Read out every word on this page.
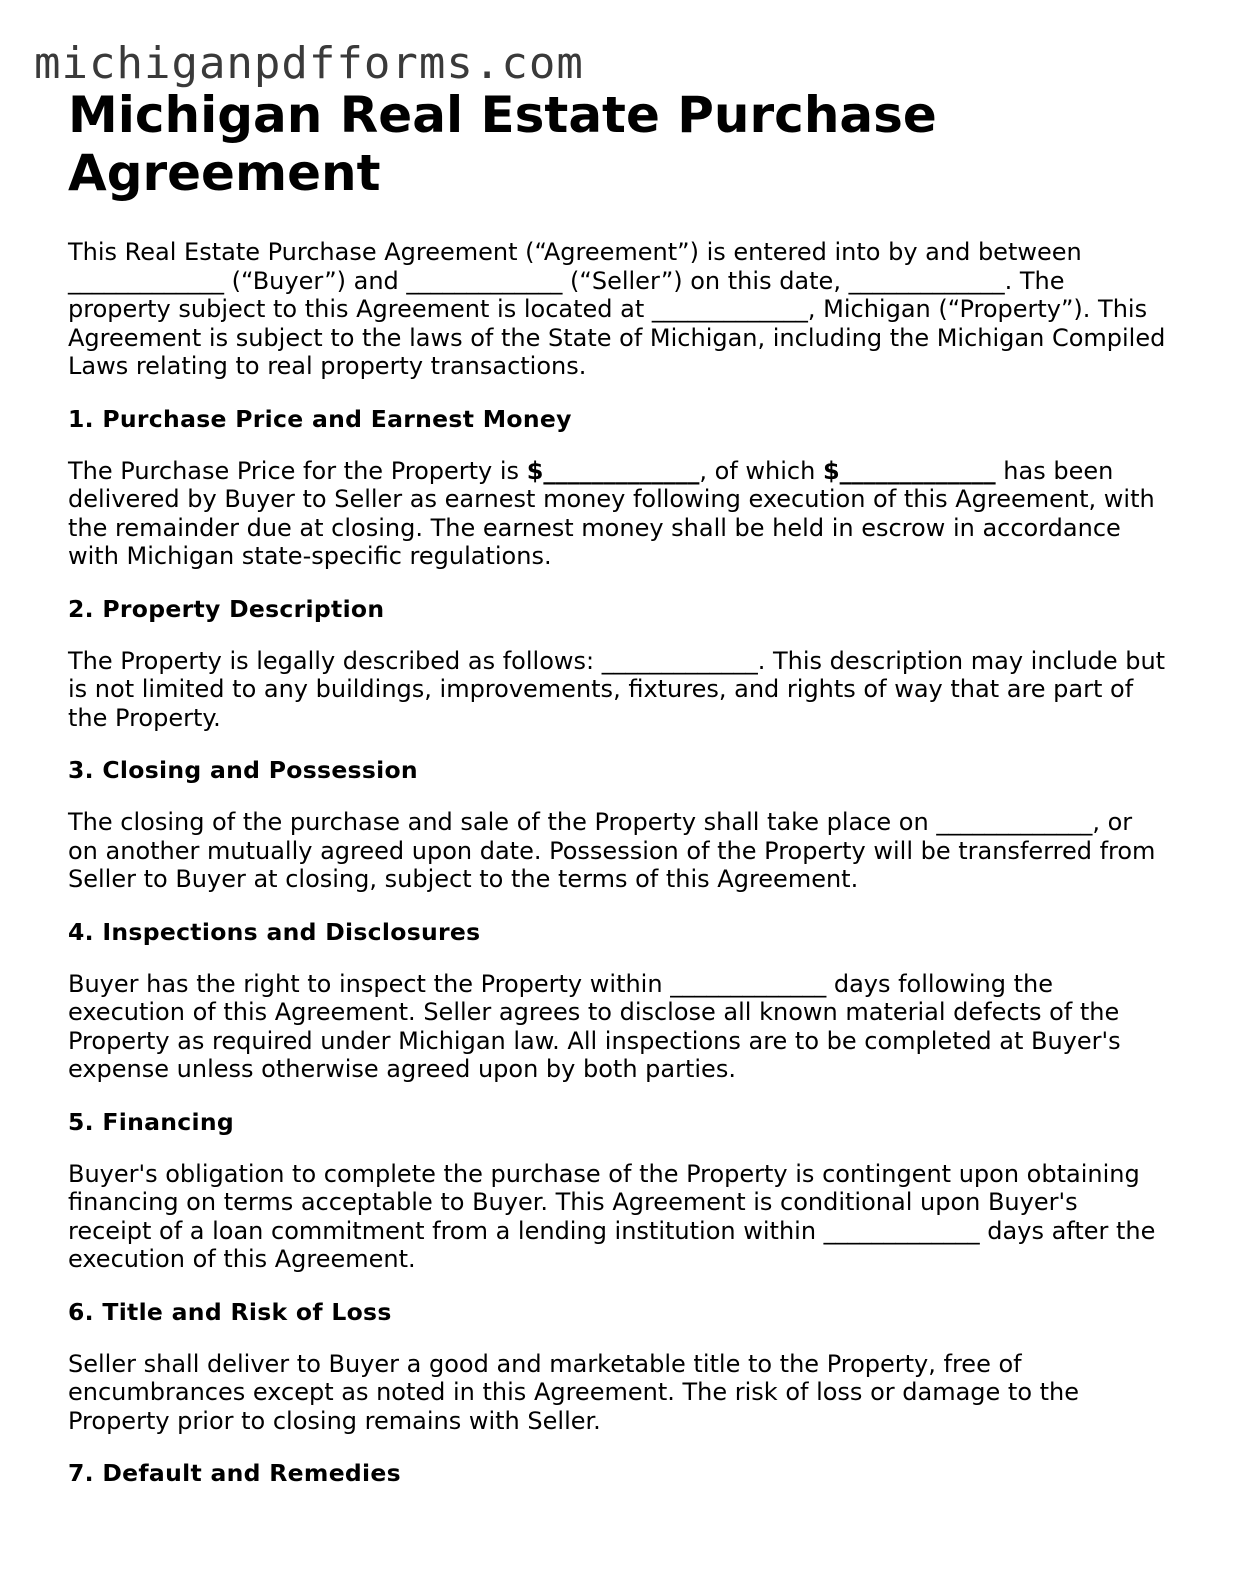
michiganpdfforms.com
Michigan Real Estate Purchase Agreement

This Real Estate Purchase Agreement (“Agreement”) is entered into by and between _____________ (“Buyer”) and _____________ (“Seller”) on this date, _____________. The property subject to this Agreement is located at _____________, Michigan (“Property”). This Agreement is subject to the laws of the State of Michigan, including the Michigan Compiled Laws relating to real property transactions.

1. Purchase Price and Earnest Money

The Purchase Price for the Property is $_____________, of which $_____________ has been delivered by Buyer to Seller as earnest money following execution of this Agreement, with the remainder due at closing. The earnest money shall be held in escrow in accordance with Michigan state-specific regulations.

2. Property Description

The Property is legally described as follows: _____________. This description may include but is not limited to any buildings, improvements, fixtures, and rights of way that are part of the Property.

3. Closing and Possession

The closing of the purchase and sale of the Property shall take place on _____________, or on another mutually agreed upon date. Possession of the Property will be transferred from Seller to Buyer at closing, subject to the terms of this Agreement.

4. Inspections and Disclosures

Buyer has the right to inspect the Property within _____________ days following the execution of this Agreement. Seller agrees to disclose all known material defects of the Property as required under Michigan law. All inspections are to be completed at Buyer's expense unless otherwise agreed upon by both parties.

5. Financing

Buyer's obligation to complete the purchase of the Property is contingent upon obtaining financing on terms acceptable to Buyer. This Agreement is conditional upon Buyer's receipt of a loan commitment from a lending institution within _____________ days after the execution of this Agreement.

6. Title and Risk of Loss

Seller shall deliver to Buyer a good and marketable title to the Property, free of encumbrances except as noted in this Agreement. The risk of loss or damage to the Property prior to closing remains with Seller.

7. Default and Remedies
